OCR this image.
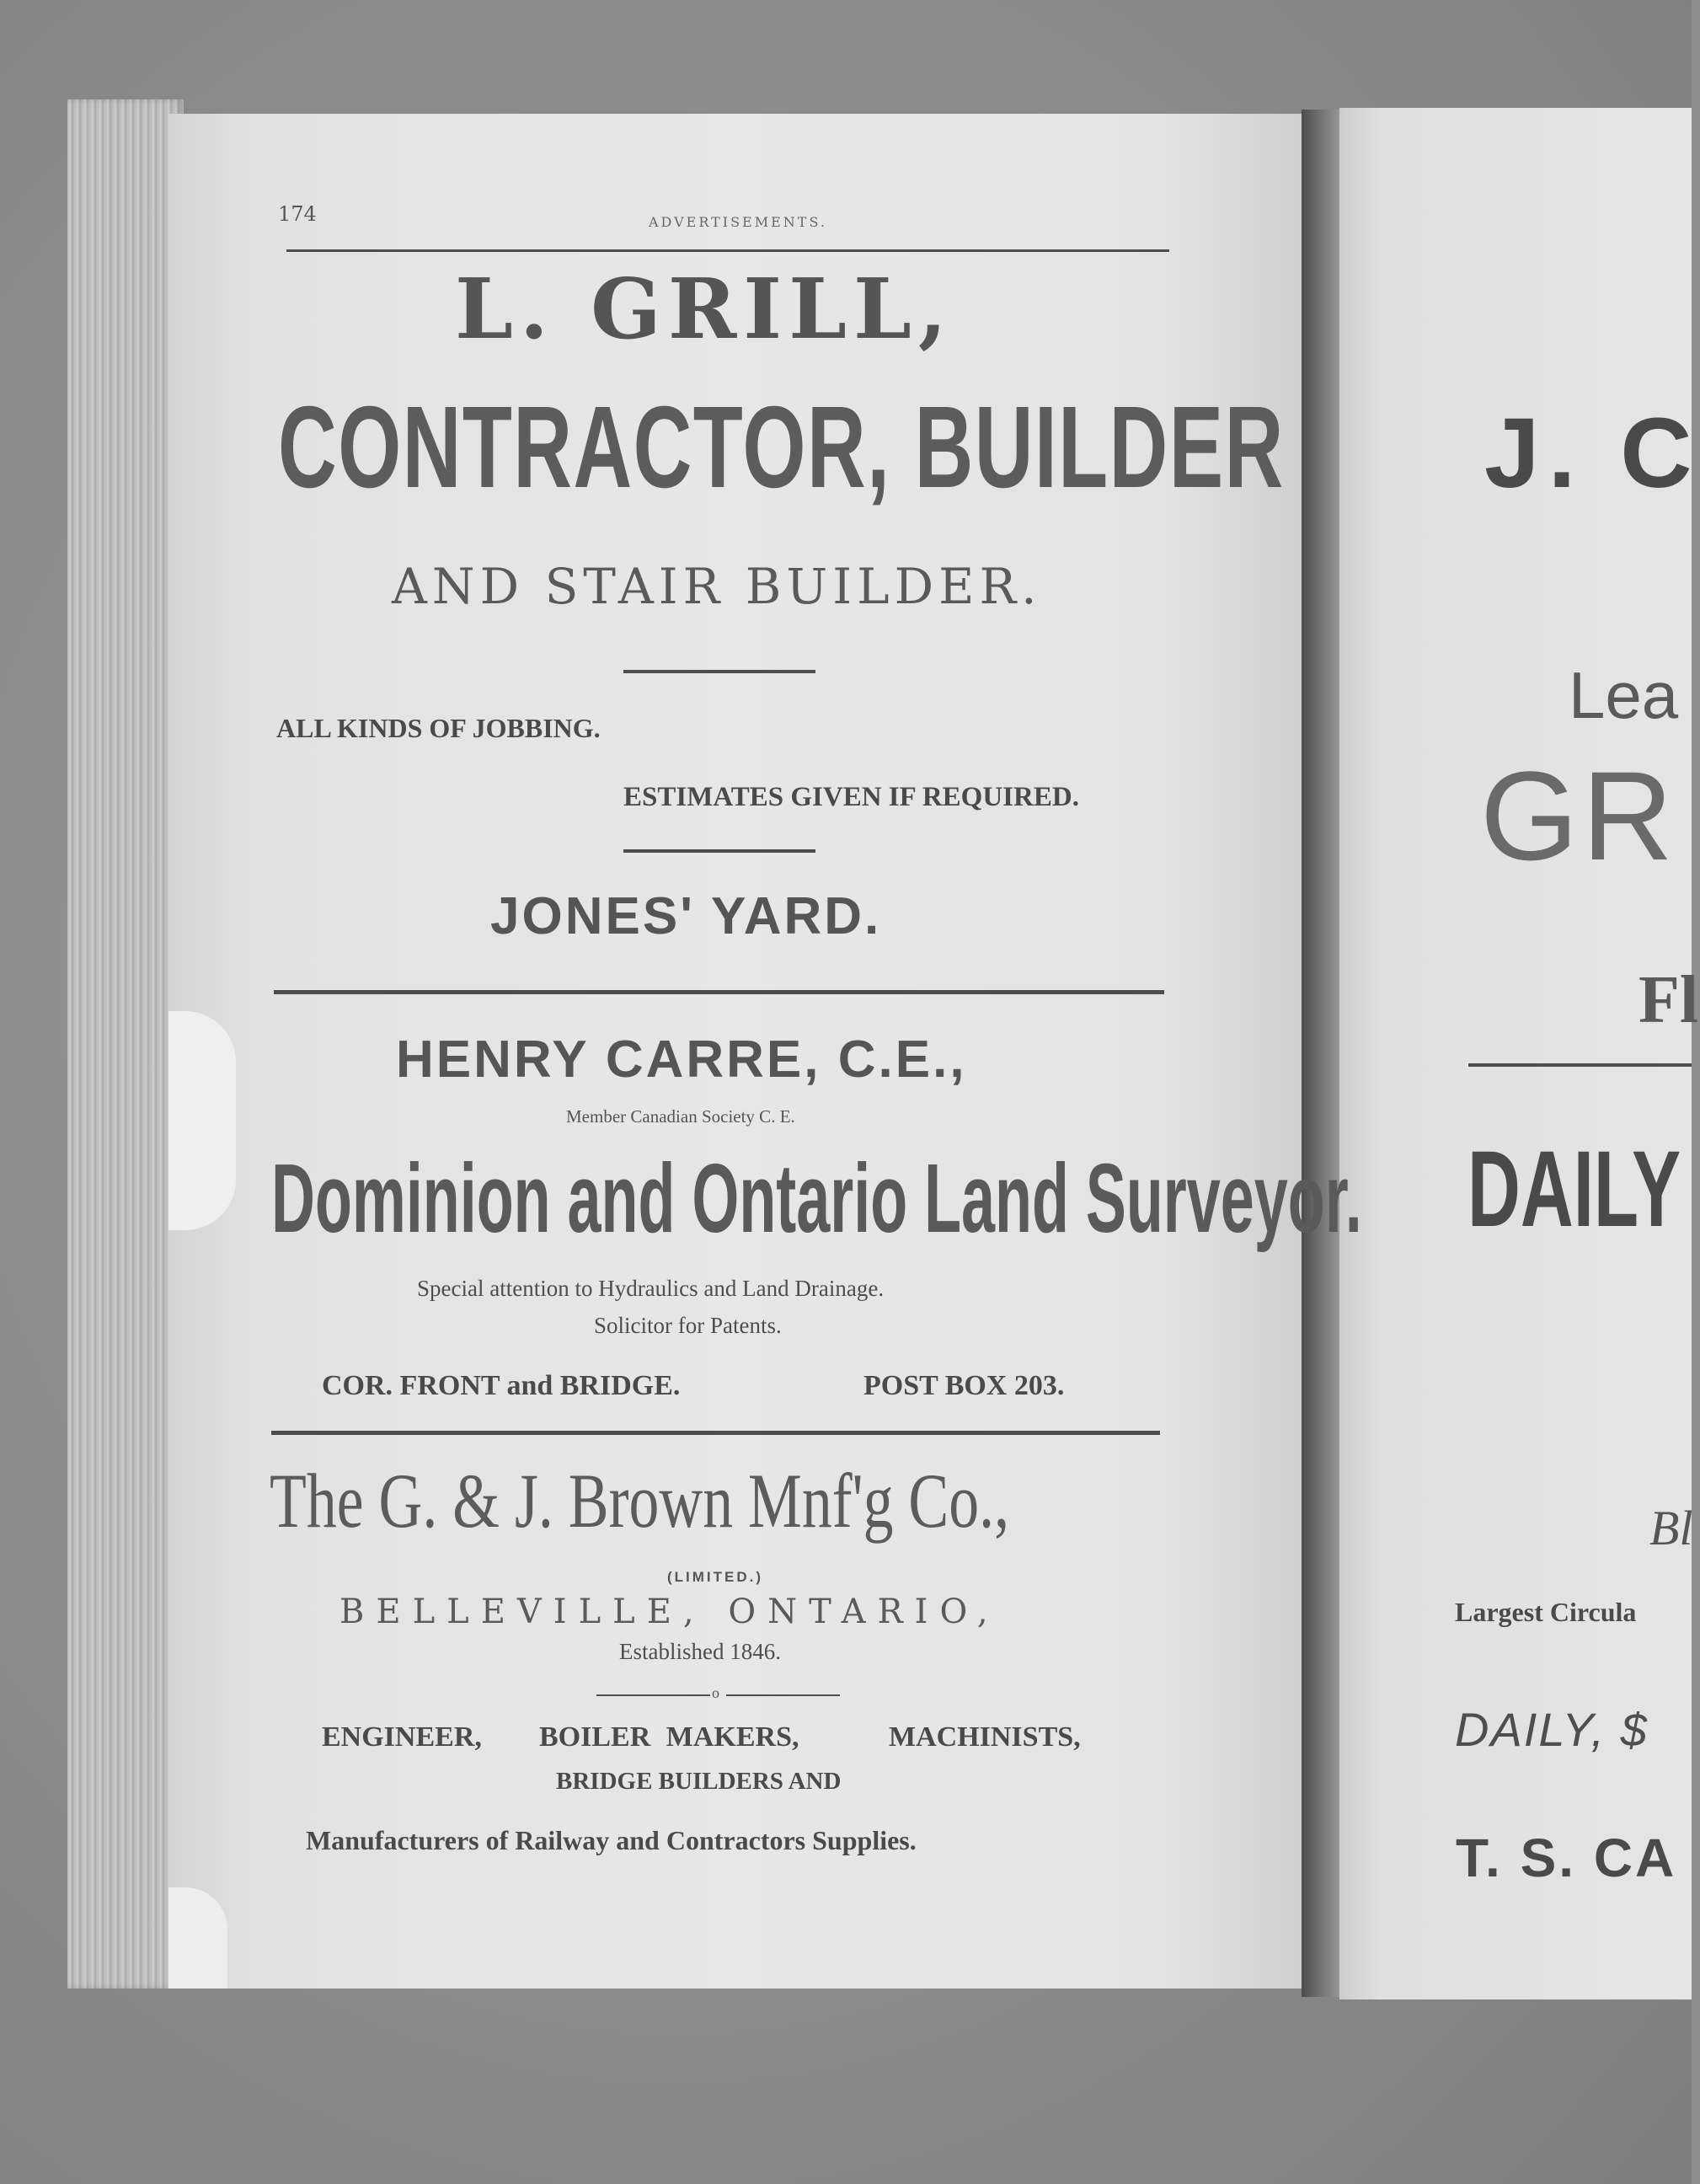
174	ADVERTISEMENTS.
L. GRILL,
CONTRACTOR, BUILDER
AND STAIR BUILDER.
ALL KINDS OF JOBBING.
ESTIMATES GIVEN IF REQUIRED.
JONES' YARD.
HENRY CARRE, C.E.,
Member Canadian Society C. E.
Dominion and Ontario Land Surveyor.
Special attention to Hydraulics and Land Drainage.
Solicitor for Patents.
COR. FRONT and BRIDGE.	POST BOX 203.
The G. & J. Brown Mnf'g Co.,
(LIMITED.)
BELLEVILLE, ONTARIO,
Established 1846.
o
ENGINEER, BOILER MAKERS,	MACHINISTS,
BRIDGE BUILDERS AND
Manufacturers of Railway and Contractors Supplies.
J. C
Lea
GR
Fl
DAILY
Bl
Largest Circula
DAILY, $
T. S. CA
